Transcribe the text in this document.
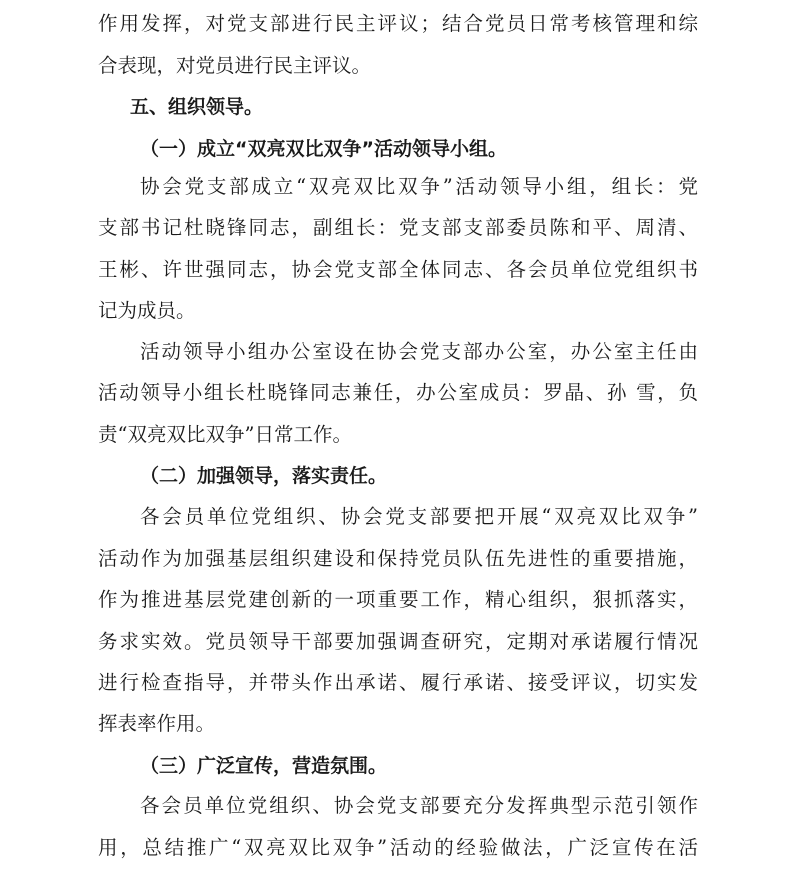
作用发挥，对党支部进行民主评议；结合党员日常考核管理和综
合表现，对党员进行民主评议。
五、组织领导。
（一）成立“双亮双比双争”活动领导小组。
协会党支部成立“双亮双比双争”活动领导小组，组长：党
支部书记杜晓锋同志，副组长：党支部支部委员陈和平、周清、
王彬、许世强同志，协会党支部全体同志、各会员单位党组织书
记为成员。
活动领导小组办公室设在协会党支部办公室，办公室主任由
活动领导小组长杜晓锋同志兼任，办公室成员：罗晶、孙 雪，负
责“双亮双比双争”日常工作。
（二）加强领导，落实责任。
各会员单位党组织、协会党支部要把开展“双亮双比双争”
活动作为加强基层组织建设和保持党员队伍先进性的重要措施，
作为推进基层党建创新的一项重要工作，精心组织，狠抓落实，
务求实效。党员领导干部要加强调查研究，定期对承诺履行情况
进行检查指导，并带头作出承诺、履行承诺、接受评议，切实发
挥表率作用。
（三）广泛宣传，营造氛围。
各会员单位党组织、协会党支部要充分发挥典型示范引领作
用，总结推广“双亮双比双争”活动的经验做法，广泛宣传在活
